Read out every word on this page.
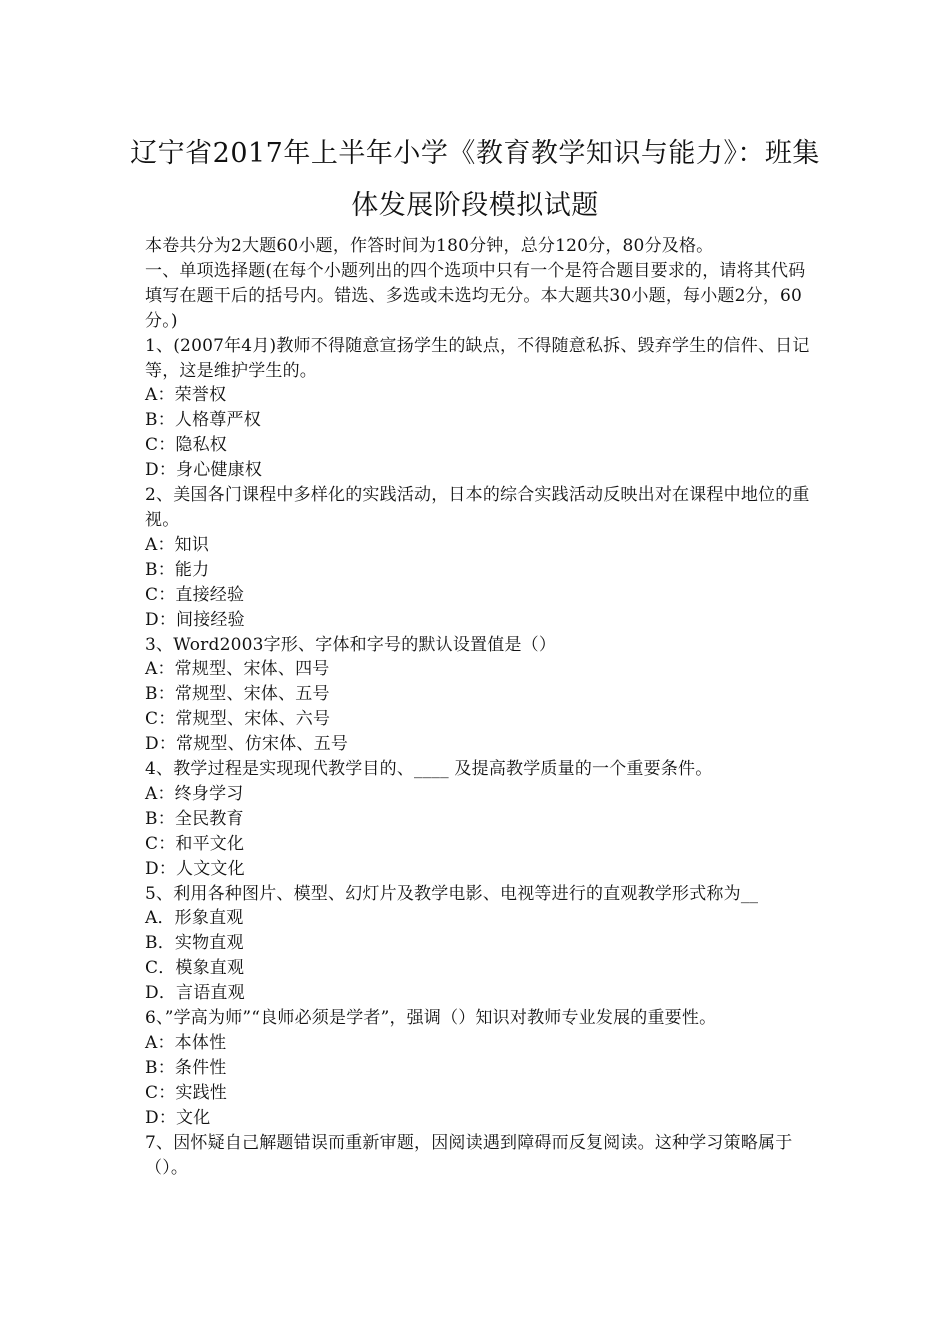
辽宁省2017年上半年小学《教育教学知识与能力》：班集
体发展阶段模拟试题

本卷共分为2大题60小题，作答时间为180分钟，总分120分，80分及格。

一、单项选择题(在每个小题列出的四个选项中只有一个是符合题目要求的，请将其代码填写在题干后的括号内。错选、多选或未选均无分。本大题共30小题，每小题2分，60分。)

1、(2007年4月)教师不得随意宣扬学生的缺点，不得随意私拆、毁弃学生的信件、日记等，这是维护学生的。

A：荣誉权

B：人格尊严权

C：隐私权

D：身心健康权

2、美国各门课程中多样化的实践活动，日本的综合实践活动反映出对在课程中地位的重视。

A：知识

B：能力

C：直接经验

D：间接经验

3、Word2003字形、字体和字号的默认设置值是（）

A：常规型、宋体、四号

B：常规型、宋体、五号

C：常规型、宋体、六号

D：常规型、仿宋体、五号

4、教学过程是实现现代教学目的、____ 及提高教学质量的一个重要条件。

A：终身学习

B：全民教育

C：和平文化

D：人文文化

5、利用各种图片、模型、幻灯片及教学电影、电视等进行的直观教学形式称为__

A．形象直观

B．实物直观

C．模象直观

D．言语直观

6、”学高为师”“良师必须是学者”，强调（）知识对教师专业发展的重要性。

A：本体性

B：条件性

C：实践性

D：文化

7、因怀疑自己解题错误而重新审题，因阅读遇到障碍而反复阅读。这种学习策略属于（）。
